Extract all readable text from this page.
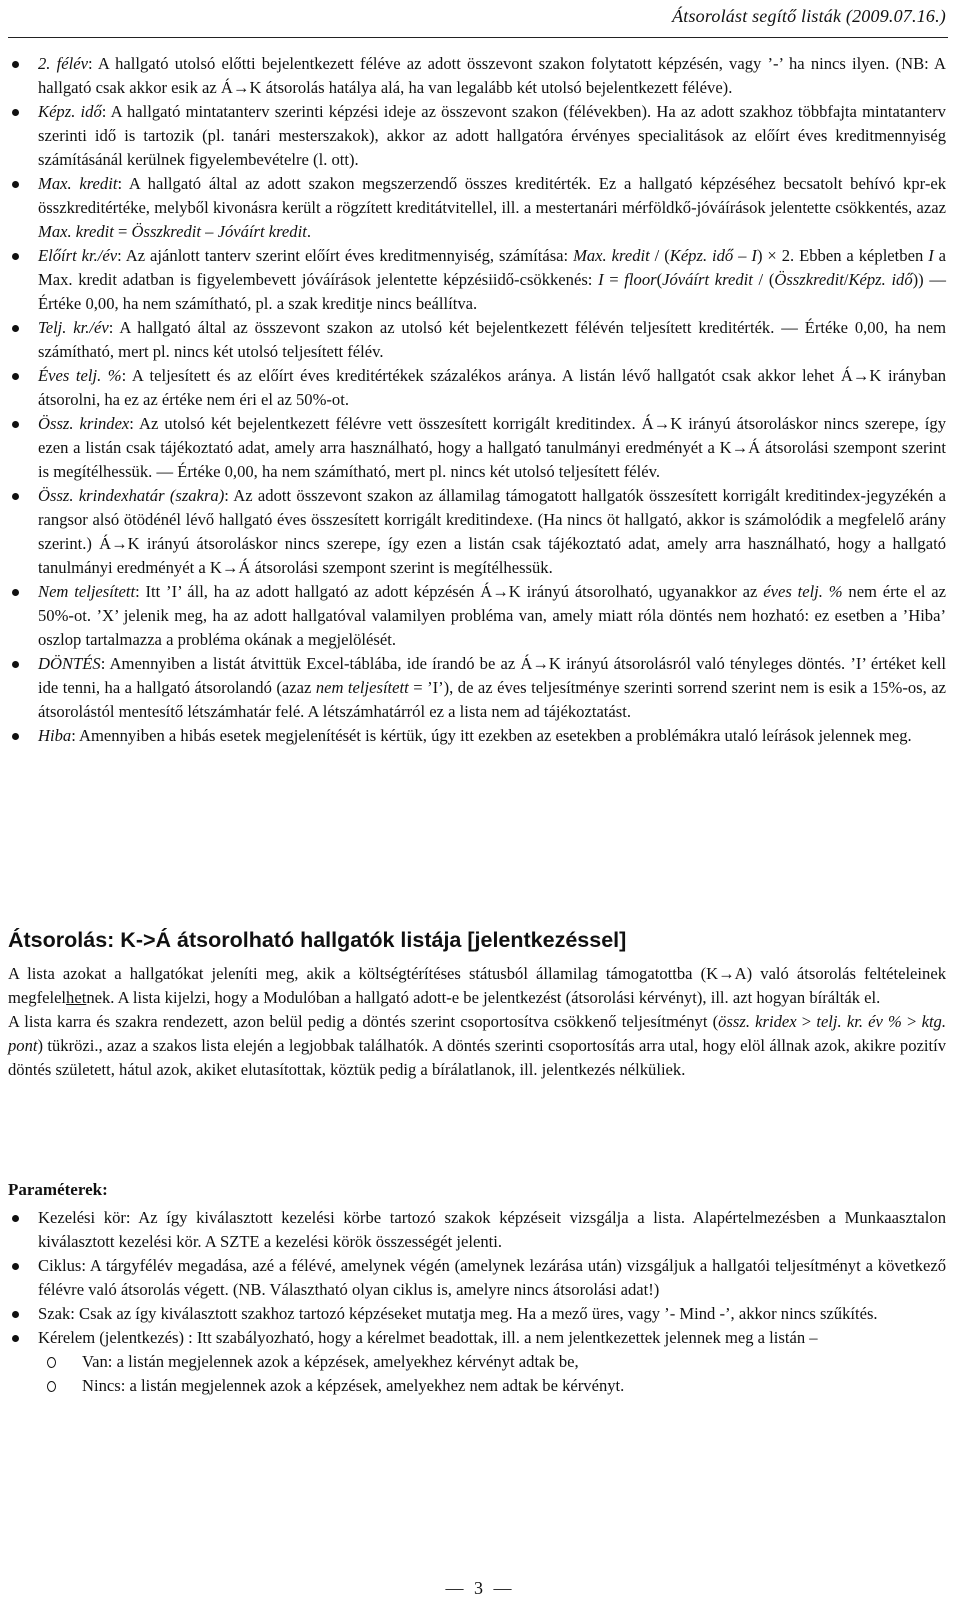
Átsorolást segítő listák (2009.07.16.)
2. félév: A hallgató utolsó előtti bejelentkezett féléve az adott összevont szakon folytatott képzésén, vagy ’-’ ha nincs ilyen. (NB: A hallgató csak akkor esik az Á→K átsorolás hatálya alá, ha van legalább két utolsó bejelentkezett féléve).
Képz. idő: A hallgató mintatanterv szerinti képzési ideje az összevont szakon (félévekben). Ha az adott szakhoz többfajta mintatanterv szerinti idő is tartozik (pl. tanári mesterszakok), akkor az adott hallgatóra érvényes specialitások az előírt éves kreditmennyiség számításánál kerülnek figyelembevételre (l. ott).
Max. kredit: A hallgató által az adott szakon megszerzendő összes kreditérték. Ez a hallgató képzéséhez becsatolt behívó kpr-ek összkreditértéke, melyből kivonásra került a rögzített kreditátvitellel, ill. a mestertanári mérföldkő-jóváírások jelentette csökkentés, azaz Max. kredit = Összkredit – Jóváírt kredit.
Előírt kr./év: Az ajánlott tanterv szerint előírt éves kreditmennyiség, számítása: Max. kredit / (Képz. idő – I) × 2. Ebben a képletben I a Max. kredit adatban is figyelembevett jóváírások jelentette képzésiidő-csökkenés: I = floor(Jóváírt kredit / (Összkredit/Képz. idő)) — Értéke 0,00, ha nem számítható, pl. a szak kreditje nincs beállítva.
Telj. kr./év: A hallgató által az összevont szakon az utolsó két bejelentkezett félévén teljesített kreditérték. — Értéke 0,00, ha nem számítható, mert pl. nincs két utolsó teljesített félév.
Éves telj. %: A teljesített és az előírt éves kreditértékek százalékos aránya. A listán lévő hallgatót csak akkor lehet Á→K irányban átsorolni, ha ez az értéke nem éri el az 50%-ot.
Össz. krindex: Az utolsó két bejelentkezett félévre vett összesített korrigált kreditindex. Á→K irányú átsoroláskor nincs szerepe, így ezen a listán csak tájékoztató adat, amely arra használható, hogy a hallgató tanulmányi eredményét a K→Á átsorolási szempont szerint is megítélhessük. — Értéke 0,00, ha nem számítható, mert pl. nincs két utolsó teljesített félév.
Össz. krindexhatár (szakra): Az adott összevont szakon az államilag támogatott hallgatók összesített korrigált kreditindex-jegyzékén a rangsor alsó ötödénél lévő hallgató éves összesített korrigált kreditindexe. (Ha nincs öt hallgató, akkor is számolódik a megfelelő arány szerint.) Á→K irányú átsoroláskor nincs szerepe, így ezen a listán csak tájékoztató adat, amely arra használható, hogy a hallgató tanulmányi eredményét a K→Á átsorolási szempont szerint is megítélhessük.
Nem teljesített: Itt ’I’ áll, ha az adott hallgató az adott képzésén Á→K irányú átsorolható, ugyanakkor az éves telj. % nem érte el az 50%-ot. ’X’ jelenik meg, ha az adott hallgatóval valamilyen probléma van, amely miatt róla döntés nem hozható: ez esetben a ’Hiba’ oszlop tartalmazza a probléma okának a megjelölését.
DÖNTÉS: Amennyiben a listát átvittük Excel-táblába, ide írandó be az Á→K irányú átsorolásról való tényleges döntés. ’I’ értéket kell ide tenni, ha a hallgató átsorolandó (azaz nem teljesített = ’I’), de az éves teljesítménye szerinti sorrend szerint nem is esik a 15%-os, az átsorolástól mentesítő létszámhatár felé. A létszámhatárról ez a lista nem ad tájékoztatást.
Hiba: Amennyiben a hibás esetek megjelenítését is kértük, úgy itt ezekben az esetekben a problémákra utaló leírások jelennek meg.
Átsorolás: K->Á átsorolható hallgatók listája [jelentkezéssel]

A lista azokat a hallgatókat jeleníti meg, akik a költségtérítéses státusból államilag támogatottba (K→A) való átsorolás feltételeinek megfelelhetnek. A lista kijelzi, hogy a Modulóban a hallgató adott-e be jelentkezést (átsorolási kérvényt), ill. azt hogyan bírálták el.

A lista karra és szakra rendezett, azon belül pedig a döntés szerint csoportosítva csökkenő teljesítményt (össz. kridex > telj. kr. év % > ktg. pont) tükrözi., azaz a szakos lista elején a legjobbak találhatók. A döntés szerinti csoportosítás arra utal, hogy elöl állnak azok, akikre pozitív döntés született, hátul azok, akiket elutasítottak, köztük pedig a bírálatlanok, ill. jelentkezés nélküliek.

Paraméterek:
Kezelési kör: Az így kiválasztott kezelési körbe tartozó szakok képzéseit vizsgálja a lista. Alapértelmezésben a Munkaasztalon kiválasztott kezelési kör. A SZTE a kezelési körök összességét jelenti.
Ciklus: A tárgyfélév megadása, azé a félévé, amelynek végén (amelynek lezárása után) vizsgáljuk a hallgatói teljesítményt a következő félévre való átsorolás végett. (NB. Választható olyan ciklus is, amelyre nincs átsorolási adat!)
Szak: Csak az így kiválasztott szakhoz tartozó képzéseket mutatja meg. Ha a mező üres, vagy ’- Mind -’, akkor nincs szűkítés.
Kérelem (jelentkezés) : Itt szabályozható, hogy a kérelmet beadottak, ill. a nem jelentkezettek jelennek meg a listán –
Van: a listán megjelennek azok a képzések, amelyekhez kérvényt adtak be,
Nincs: a listán megjelennek azok a képzések, amelyekhez nem adtak be kérvényt.
— 3 —
